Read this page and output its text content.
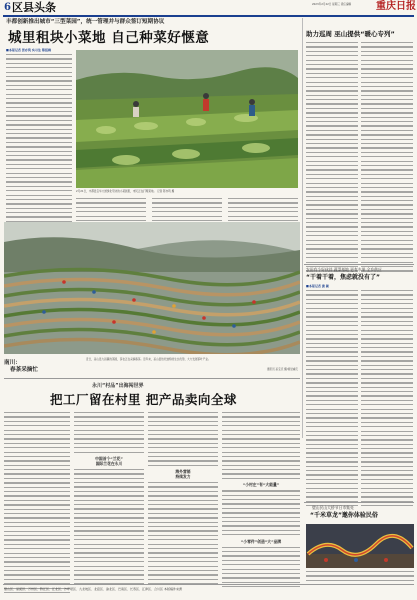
6 区县头条	2023年2月22日 星期三 责任编辑	重庆日报
丰都创新推出城市“三型菜园”，统一管理并与群众签订短期协议
城里租块小菜地 自己种菜好惬意
■本报记者 张亦筑 实习生 陈绍梅
2月21日，丰都县宝华大道绿化带边的小菜园里，市民正在打理菜地。 记者 陈亦筑 摄
助力巡周 巫山提供“暖心专列”
南川：
春茶采摘忙
近日，巫山县大昌镇的茶园，茶农正在采摘春茶。近年来，巫山县依托独特的生态优势，大力发展茶叶产业。
通讯员 巫宝庆 摄/视觉重庆
永川“村品”出海闯世界
把工厂留在村里 把产品卖向全球
中国首个“兰花”
国际兰花在永川
海外营销
持续发力
“小村庄”有“大能量”
“小零件”创造“大”品牌
农田有个好伙伴 蔬菜基地 更有水果 全乡供应
“干着干着，焦虑就没有了”
■本报记者 黄 颖
璧山民山大桥节日市集亮
“千米草龙”邀你体验民俗
璧山区、巫溪县、万州区、黔江区、江北区、沙坪坝区、九龙坡区、北碚区、渝北区、巴南区、长寿区、江津区、合川区 本版稿件来源
